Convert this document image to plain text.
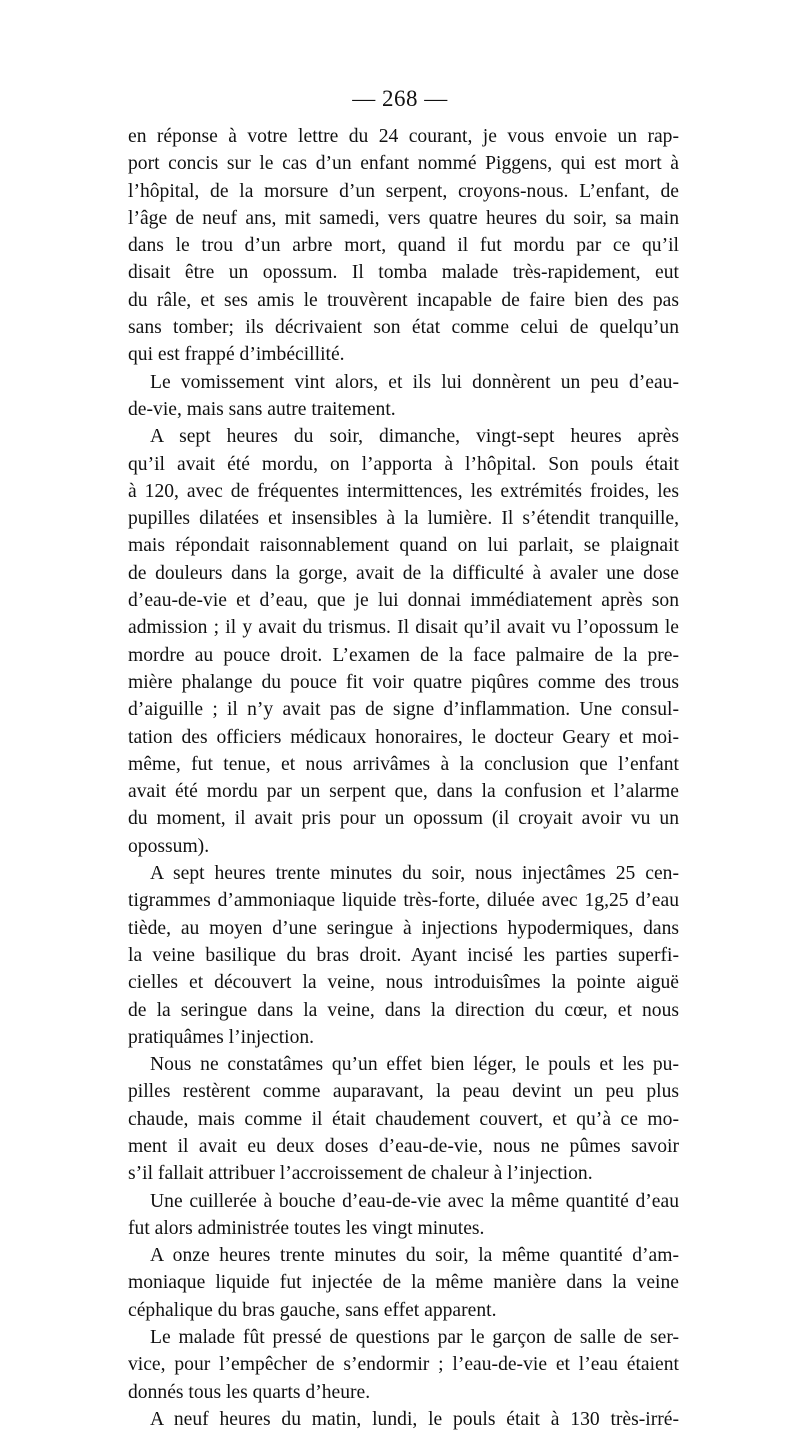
— 268 —
en réponse à votre lettre du 24 courant, je vous envoie un rap-
port concis sur le cas d’un enfant nommé Piggens, qui est mort à
l’hôpital, de la morsure d’un serpent, croyons-nous. L’enfant, de
l’âge de neuf ans, mit samedi, vers quatre heures du soir, sa main
dans le trou d’un arbre mort, quand il fut mordu par ce qu’il
disait être un opossum. Il tomba malade très-rapidement, eut
du râle, et ses amis le trouvèrent incapable de faire bien des pas
sans tomber; ils décrivaient son état comme celui de quelqu’un
qui est frappé d’imbécillité.
Le vomissement vint alors, et ils lui donnèrent un peu d’eau-
de-vie, mais sans autre traitement.
A sept heures du soir, dimanche, vingt-sept heures après
qu’il avait été mordu, on l’apporta à l’hôpital. Son pouls était
à 120, avec de fréquentes intermittences, les extrémités froides, les
pupilles dilatées et insensibles à la lumière. Il s’étendit tranquille,
mais répondait raisonnablement quand on lui parlait, se plaignait
de douleurs dans la gorge, avait de la difficulté à avaler une dose
d’eau-de-vie et d’eau, que je lui donnai immédiatement après son
admission ; il y avait du trismus. Il disait qu’il avait vu l’opossum le
mordre au pouce droit. L’examen de la face palmaire de la pre-
mière phalange du pouce fit voir quatre piqûres comme des trous
d’aiguille ; il n’y avait pas de signe d’inflammation. Une consul-
tation des officiers médicaux honoraires, le docteur Geary et moi-
même, fut tenue, et nous arrivâmes à la conclusion que l’enfant
avait été mordu par un serpent que, dans la confusion et l’alarme
du moment, il avait pris pour un opossum (il croyait avoir vu un
opossum).
A sept heures trente minutes du soir, nous injectâmes 25 cen-
tigrammes d’ammoniaque liquide très-forte, diluée avec 1g,25 d’eau
tiède, au moyen d’une seringue à injections hypodermiques, dans
la veine basilique du bras droit. Ayant incisé les parties superfi-
cielles et découvert la veine, nous introduisîmes la pointe aiguë
de la seringue dans la veine, dans la direction du cœur, et nous
pratiquâmes l’injection.
Nous ne constatâmes qu’un effet bien léger, le pouls et les pu-
pilles restèrent comme auparavant, la peau devint un peu plus
chaude, mais comme il était chaudement couvert, et qu’à ce mo-
ment il avait eu deux doses d’eau-de-vie, nous ne pûmes savoir
s’il fallait attribuer l’accroissement de chaleur à l’injection.
Une cuillerée à bouche d’eau-de-vie avec la même quantité d’eau
fut alors administrée toutes les vingt minutes.
A onze heures trente minutes du soir, la même quantité d’am-
moniaque liquide fut injectée de la même manière dans la veine
céphalique du bras gauche, sans effet apparent.
Le malade fût pressé de questions par le garçon de salle de ser-
vice, pour l’empêcher de s’endormir ; l’eau-de-vie et l’eau étaient
donnés tous les quarts d’heure.
A neuf heures du matin, lundi, le pouls était à 130 très-irré-
